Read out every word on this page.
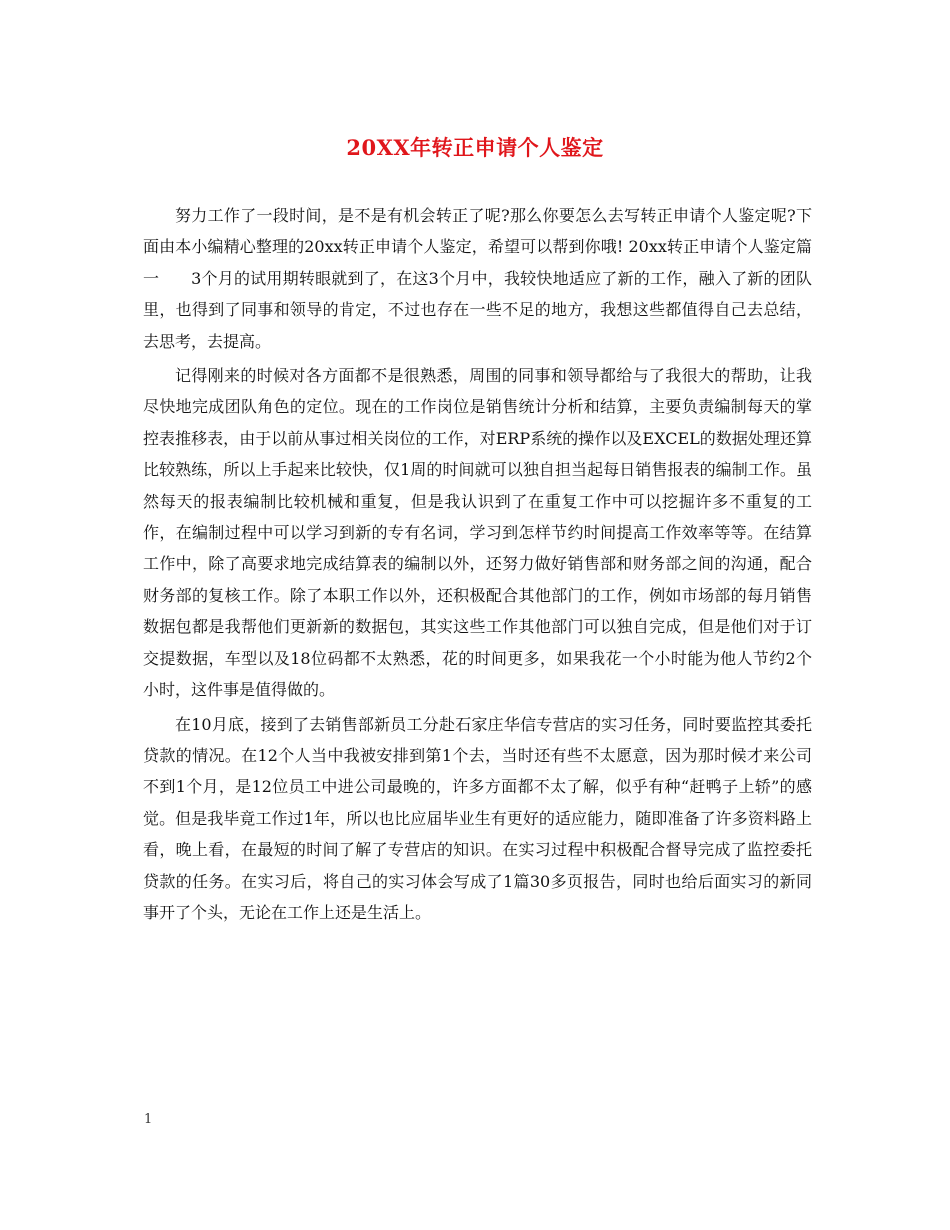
20XX年转正申请个人鉴定

努力工作了一段时间，是不是有机会转正了呢?那么你要怎么去写转正申请个人鉴定呢?下面由本小编精心整理的20xx转正申请个人鉴定，希望可以帮到你哦! 20xx转正申请个人鉴定篇一      3个月的试用期转眼就到了，在这3个月中，我较快地适应了新的工作，融入了新的团队里，也得到了同事和领导的肯定，不过也存在一些不足的地方，我想这些都值得自己去总结，去思考，去提高。

记得刚来的时候对各方面都不是很熟悉，周围的同事和领导都给与了我很大的帮助，让我尽快地完成团队角色的定位。现在的工作岗位是销售统计分析和结算，主要负责编制每天的掌控表推移表，由于以前从事过相关岗位的工作，对ERP系统的操作以及EXCEL的数据处理还算比较熟练，所以上手起来比较快，仅1周的时间就可以独自担当起每日销售报表的编制工作。虽然每天的报表编制比较机械和重复，但是我认识到了在重复工作中可以挖掘许多不重复的工作，在编制过程中可以学习到新的专有名词，学习到怎样节约时间提高工作效率等等。在结算工作中，除了高要求地完成结算表的编制以外，还努力做好销售部和财务部之间的沟通，配合财务部的复核工作。除了本职工作以外，还积极配合其他部门的工作，例如市场部的每月销售数据包都是我帮他们更新新的数据包，其实这些工作其他部门可以独自完成，但是他们对于订交提数据，车型以及18位码都不太熟悉，花的时间更多，如果我花一个小时能为他人节约2个小时，这件事是值得做的。

在10月底，接到了去销售部新员工分赴石家庄华信专营店的实习任务，同时要监控其委托贷款的情况。在12个人当中我被安排到第1个去，当时还有些不太愿意，因为那时候才来公司不到1个月，是12位员工中进公司最晚的，许多方面都不太了解，似乎有种“赶鸭子上轿”的感觉。但是我毕竟工作过1年，所以也比应届毕业生有更好的适应能力，随即准备了许多资料路上看，晚上看，在最短的时间了解了专营店的知识。在实习过程中积极配合督导完成了监控委托贷款的任务。在实习后，将自己的实习体会写成了1篇30多页报告，同时也给后面实习的新同事开了个头，无论在工作上还是生活上。

1
